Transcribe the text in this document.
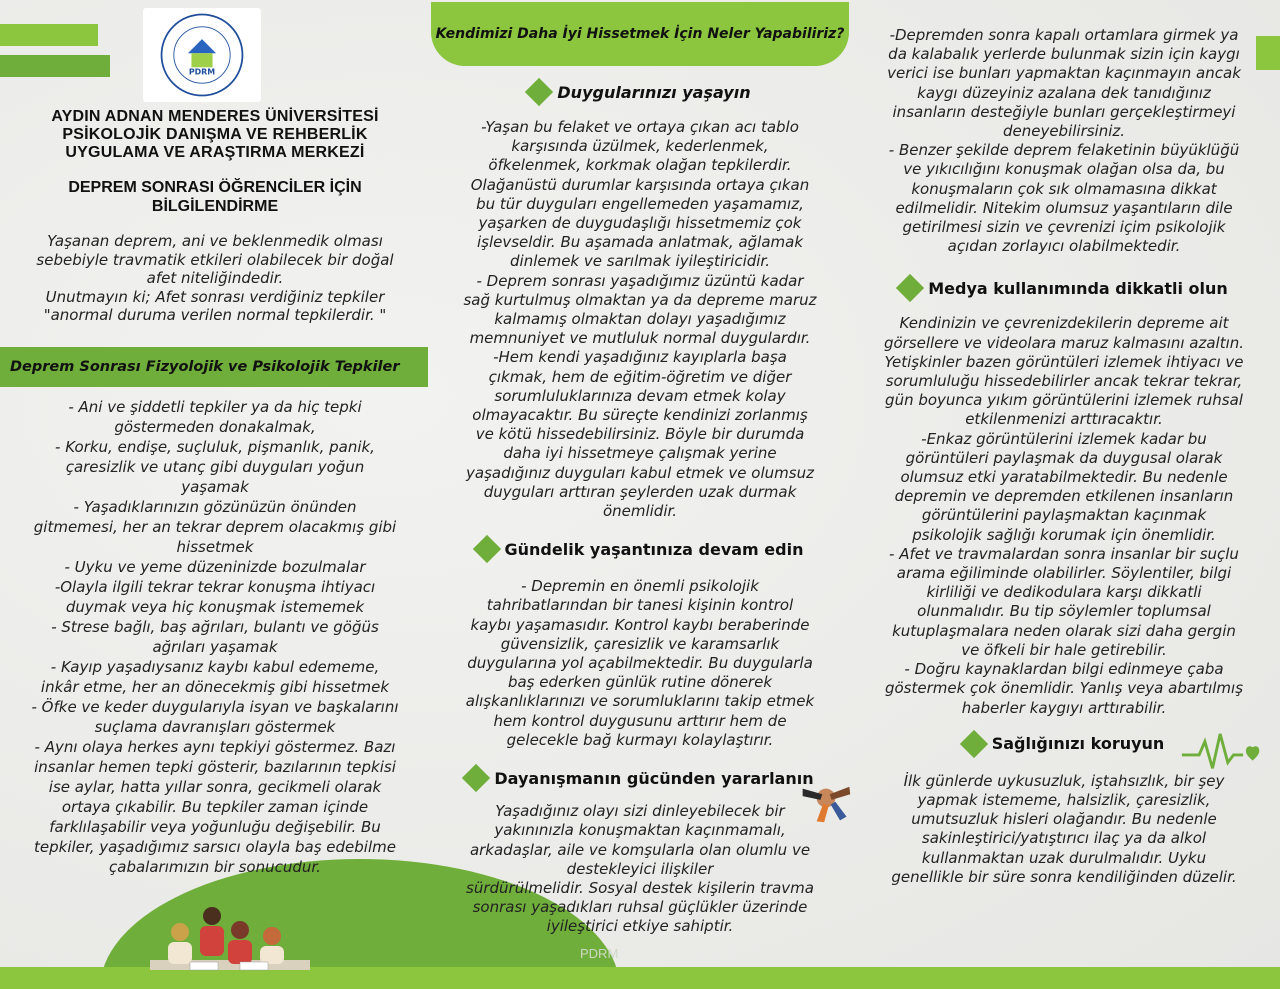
PDRM
AYDIN ADNAN MENDERES ÜNİVERSİTESİ
PSİKOLOJİK DANIŞMA VE REHBERLİK
UYGULAMA VE ARAŞTIRMA MERKEZİ
DEPREM SONRASI ÖĞRENCİLER İÇİN
BİLGİLENDİRME
Yaşanan deprem, ani ve beklenmedik olması
sebebiyle travmatik etkileri olabilecek bir doğal
afet niteliğindedir.
Unutmayın ki; Afet sonrası verdiğiniz tepkiler
"anormal duruma verilen normal tepkilerdir. "
Deprem Sonrası Fizyolojik ve Psikolojik Tepkiler
- Ani ve şiddetli tepkiler ya da hiç tepki
göstermeden donakalmak,
- Korku, endişe, suçluluk, pişmanlık, panik,
çaresizlik ve utanç gibi duyguları yoğun
yaşamak
- Yaşadıklarınızın gözünüzün önünden
gitmemesi, her an tekrar deprem olacakmış gibi
hissetmek
- Uyku ve yeme düzeninizde bozulmalar
-Olayla ilgili tekrar tekrar konuşma ihtiyacı
duymak veya hiç konuşmak istememek
- Strese bağlı, baş ağrıları, bulantı ve göğüs
ağrıları yaşamak
- Kayıp yaşadıysanız kaybı kabul edememe,
inkâr etme, her an dönecekmiş gibi hissetmek
- Öfke ve keder duygularıyla isyan ve başkalarını
suçlama davranışları göstermek
- Aynı olaya herkes aynı tepkiyi göstermez. Bazı
insanlar hemen tepki gösterir, bazılarının tepkisi
ise aylar, hatta yıllar sonra, gecikmeli olarak
ortaya çıkabilir. Bu tepkiler zaman içinde
farklılaşabilir veya yoğunluğu değişebilir. Bu
tepkiler, yaşadığımız sarsıcı olayla baş edebilme
çabalarımızın bir sonucudur.
Kendimizi Daha İyi Hissetmek İçin Neler Yapabiliriz?
Duygularınızı yaşayın
-Yaşan bu felaket ve ortaya çıkan acı tablo
karşısında üzülmek, kederlenmek,
öfkelenmek, korkmak olağan tepkilerdir.
Olağanüstü durumlar karşısında ortaya çıkan
bu tür duyguları engellemeden yaşamamız,
yaşarken de duygudaşlığı hissetmemiz çok
işlevseldir. Bu aşamada anlatmak, ağlamak
dinlemek ve sarılmak iyileştiricidir.
- Deprem sonrası yaşadığımız üzüntü kadar
sağ kurtulmuş olmaktan ya da depreme maruz
kalmamış olmaktan dolayı yaşadığımız
memnuniyet ve mutluluk normal duygulardır.
-Hem kendi yaşadığınız kayıplarla başa
çıkmak, hem de eğitim-öğretim ve diğer
sorumluluklarınıza devam etmek kolay
olmayacaktır. Bu süreçte kendinizi zorlanmış
ve kötü hissedebilirsiniz. Böyle bir durumda
daha iyi hissetmeye çalışmak yerine
yaşadığınız duyguları kabul etmek ve olumsuz
duyguları arttıran şeylerden uzak durmak
önemlidir.
Gündelik yaşantınıza devam edin
- Depremin en önemli psikolojik
tahribatlarından bir tanesi kişinin kontrol
kaybı yaşamasıdır. Kontrol kaybı beraberinde
güvensizlik, çaresizlik ve karamsarlık
duygularına yol açabilmektedir. Bu duygularla
baş ederken günlük rutine dönerek
alışkanlıklarınızı ve sorumluklarını takip etmek
hem kontrol duygusunu arttırır hem de
gelecekle bağ kurmayı kolaylaştırır.
Dayanışmanın gücünden yararlanın
Yaşadığınız olayı sizi dinleyebilecek bir
yakınınızla konuşmaktan kaçınmamalı,
arkadaşlar, aile ve komşularla olan olumlu ve
destekleyici ilişkiler
sürdürülmelidir. Sosyal destek kişilerin travma
sonrası yaşadıkları ruhsal güçlükler üzerinde
iyileştirici etkiye sahiptir.
-Depremden sonra kapalı ortamlara girmek ya
da kalabalık yerlerde bulunmak sizin için kaygı
verici ise bunları yapmaktan kaçınmayın ancak
kaygı düzeyiniz azalana dek tanıdığınız
insanların desteğiyle bunları gerçekleştirmeyi
deneyebilirsiniz.
- Benzer şekilde deprem felaketinin büyüklüğü
ve yıkıcılığını konuşmak olağan olsa da, bu
konuşmaların çok sık olmamasına dikkat
edilmelidir. Nitekim olumsuz yaşantıların dile
getirilmesi sizin ve çevrenizi içim psikolojik
açıdan zorlayıcı olabilmektedir.
Medya kullanımında dikkatli olun
Kendinizin ve çevrenizdekilerin depreme ait
görsellere ve videolara maruz kalmasını azaltın.
Yetişkinler bazen görüntüleri izlemek ihtiyacı ve
sorumluluğu hissedebilirler ancak tekrar tekrar,
gün boyunca yıkım görüntülerini izlemek ruhsal
etkilenmenizi arttıracaktır.
-Enkaz görüntülerini izlemek kadar bu
görüntüleri paylaşmak da duygusal olarak
olumsuz etki yaratabilmektedir. Bu nedenle
depremin ve depremden etkilenen insanların
görüntülerini paylaşmaktan kaçınmak
psikolojik sağlığı korumak için önemlidir.
- Afet ve travmalardan sonra insanlar bir suçlu
arama eğiliminde olabilirler. Söylentiler, bilgi
kirliliği ve dedikodulara karşı dikkatli
olunmalıdır. Bu tip söylemler toplumsal
kutuplaşmalara neden olarak sizi daha gergin
ve öfkeli bir hale getirebilir.
- Doğru kaynaklardan bilgi edinmeye çaba
göstermek çok önemlidir. Yanlış veya abartılmış
haberler kaygıyı arttırabilir.
Sağlığınızı koruyun
İlk günlerde uykusuzluk, iştahsızlık, bir şey
yapmak istememe, halsizlik, çaresizlik,
umutsuzluk hisleri olağandır. Bu nedenle
sakinleştirici/yatıştırıcı ilaç ya da alkol
kullanmaktan uzak durulmalıdır. Uyku
genellikle bir süre sonra kendiliğinden düzelir.
PDRM
